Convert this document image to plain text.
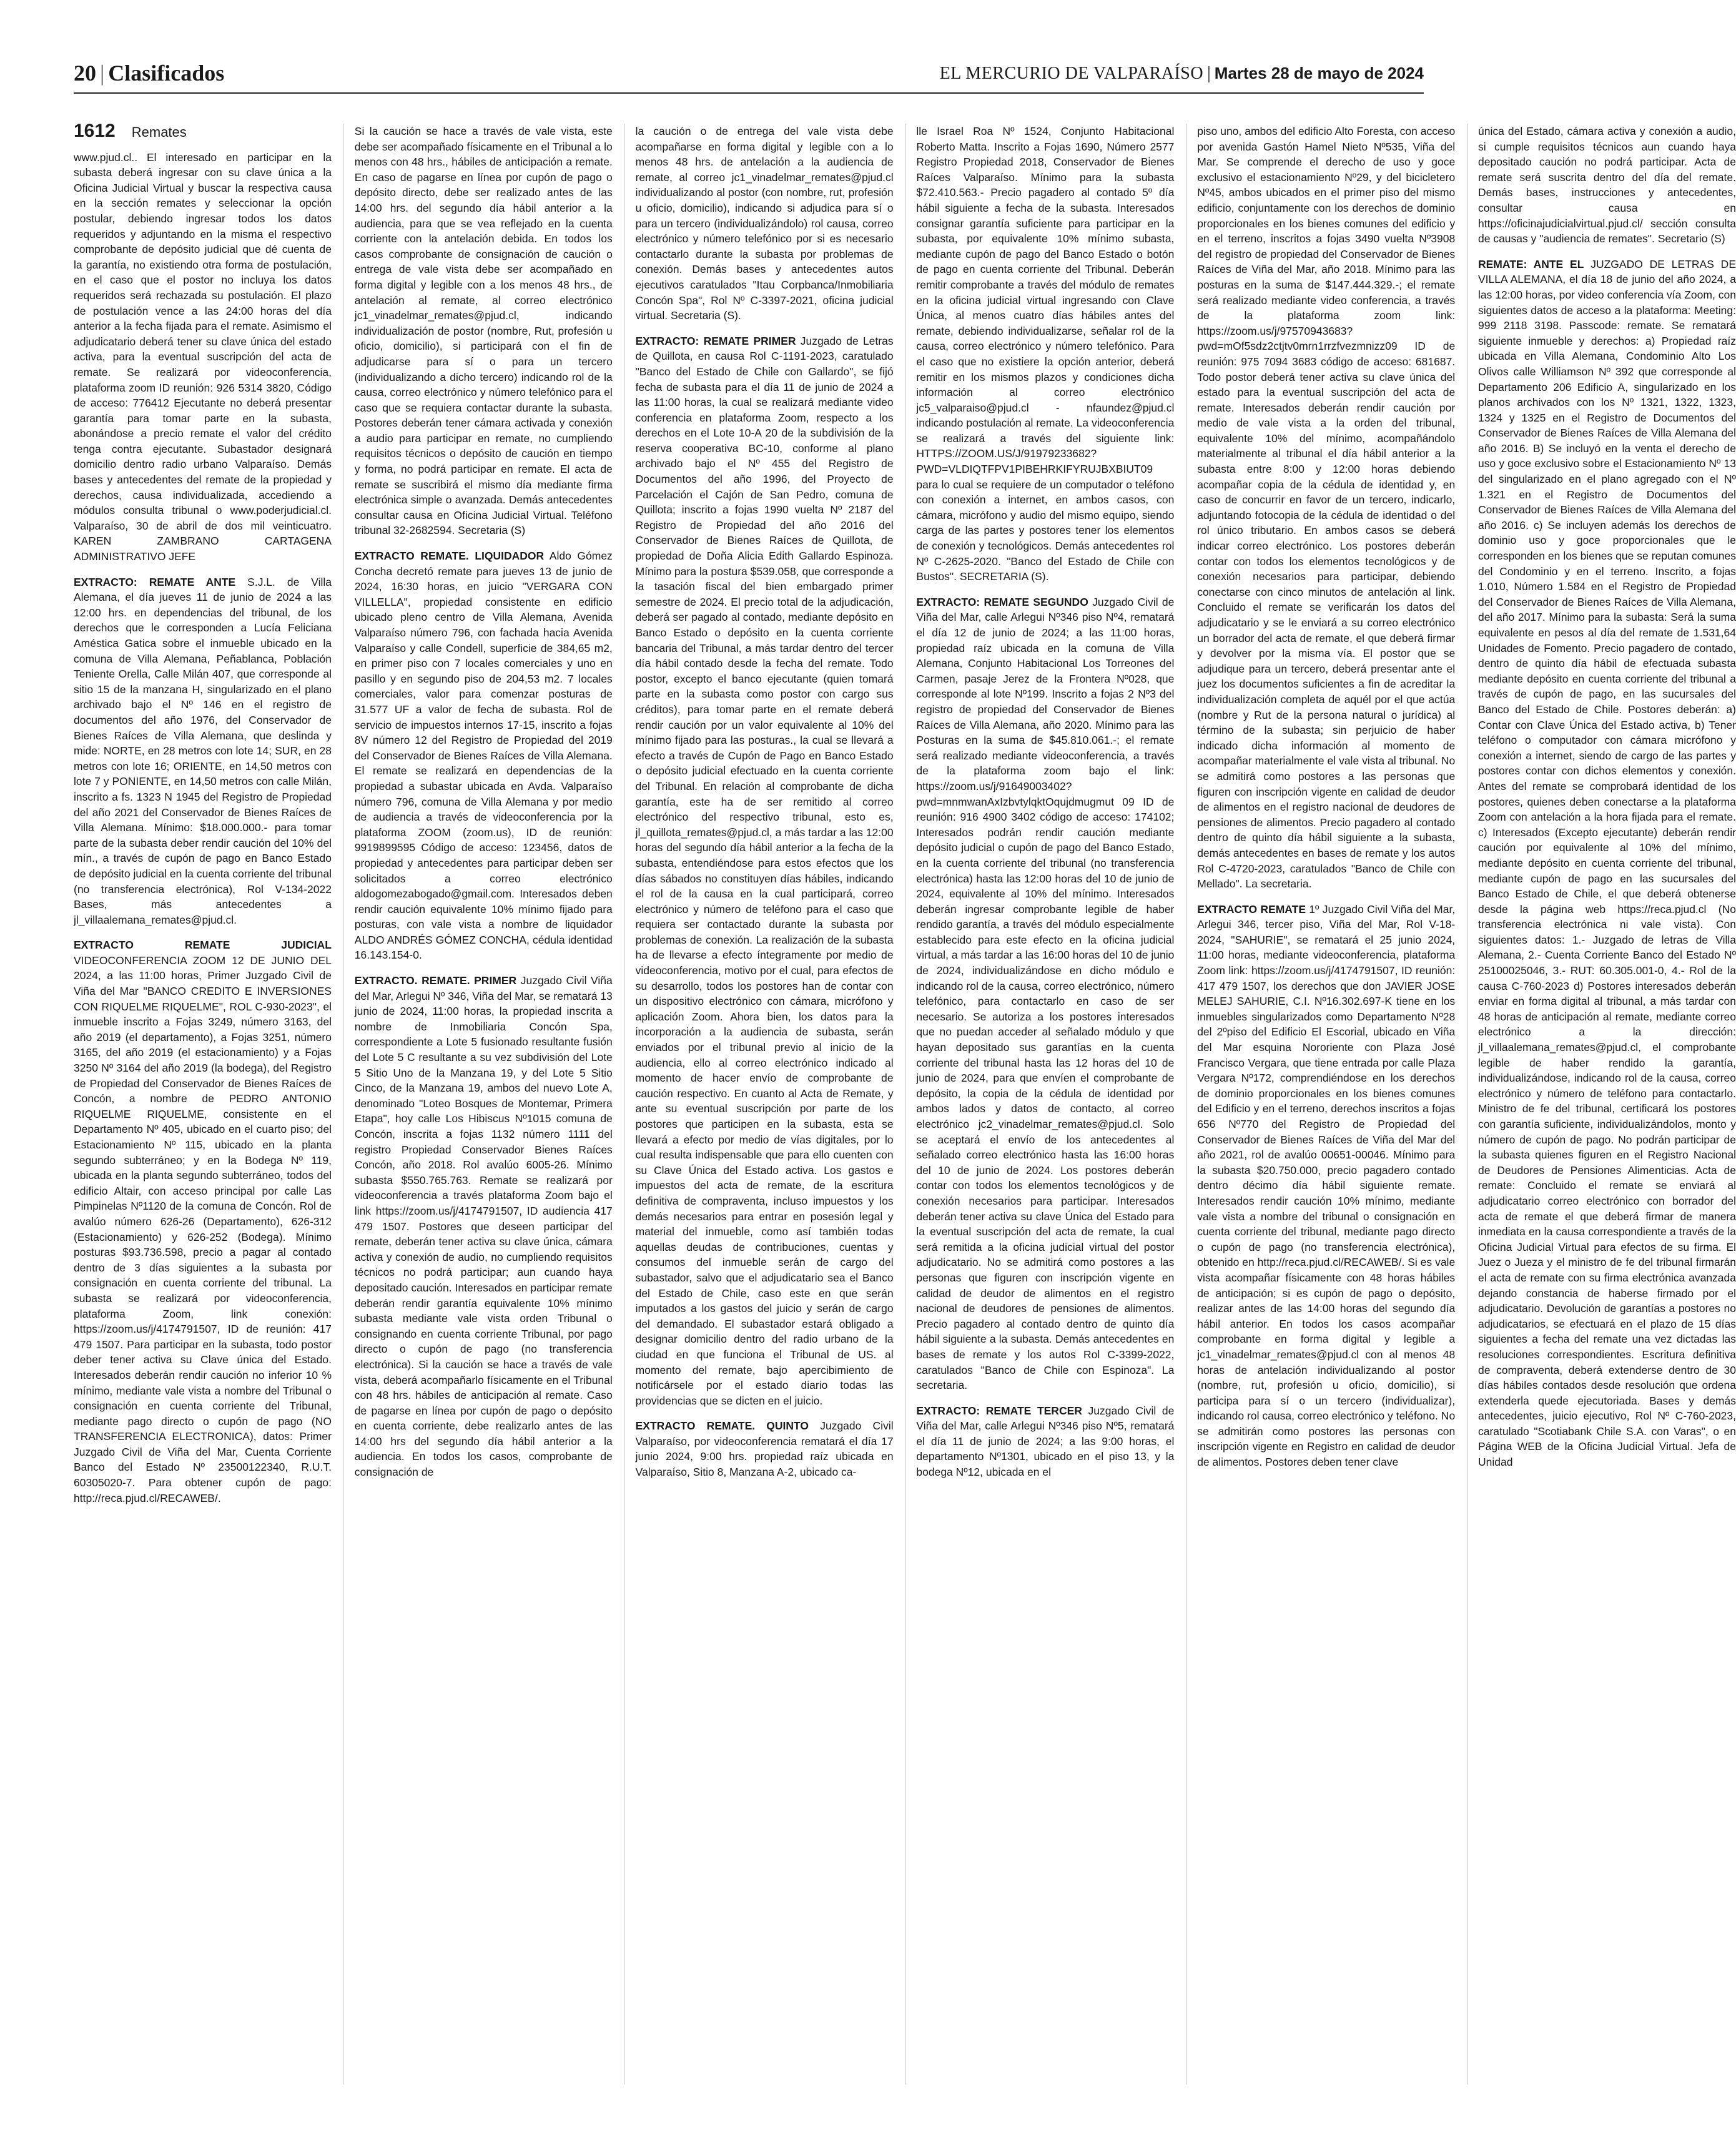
20 | Clasificados	EL MERCURIO DE VALPARAÍSO | Martes 28 de mayo de 2024
1612 Remates

www.pjud.cl.. El interesado en participar en la subasta deberá ingresar con su clave única a la Oficina Judicial Virtual y buscar la respectiva causa en la sección remates y seleccionar la opción postular, debiendo ingresar todos los datos requeridos y adjuntando en la misma el respectivo comprobante de depósito judicial que dé cuenta de la garantía, no existiendo otra forma de postulación, en el caso que el postor no incluya los datos requeridos será rechazada su postulación. El plazo de postulación vence a las 24:00 horas del día anterior a la fecha fijada para el remate. Asimismo el adjudicatario deberá tener su clave única del estado activa, para la eventual suscripción del acta de remate. Se realizará por videoconferencia, plataforma zoom ID reunión: 926 5314 3820, Código de acceso: 776412 Ejecutante no deberá presentar garantía para tomar parte en la subasta, abonándose a precio remate el valor del crédito tenga contra ejecutante. Subastador designará domicilio dentro radio urbano Valparaíso. Demás bases y antecedentes del remate de la propiedad y derechos, causa individualizada, accediendo a módulos consulta tribunal o www.poderjudicial.cl. Valparaíso, 30 de abril de dos mil veinticuatro. KAREN ZAMBRANO CARTAGENA ADMINISTRATIVO JEFE

EXTRACTO: REMATE ANTE S.J.L. de Villa Alemana, el día jueves 11 de junio de 2024 a las 12:00 hrs. en dependencias del tribunal, de los derechos que le corresponden a Lucía Feliciana Améstica Gatica sobre el inmueble ubicado en la comuna de Villa Alemana, Peñablanca, Población Teniente Orella, Calle Milán 407, que corresponde al sitio 15 de la manzana H, singularizado en el plano archivado bajo el Nº 146 en el registro de documentos del año 1976, del Conservador de Bienes Raíces de Villa Alemana, que deslinda y mide: NORTE, en 28 metros con lote 14; SUR, en 28 metros con lote 16; ORIENTE, en 14,50 metros con lote 7 y PONIENTE, en 14,50 metros con calle Milán, inscrito a fs. 1323 N 1945 del Registro de Propiedad del año 2021 del Conservador de Bienes Raíces de Villa Alemana. Mínimo: $18.000.000.- para tomar parte de la subasta deber rendir caución del 10% del mín., a través de cupón de pago en Banco Estado de depósito judicial en la cuenta corriente del tribunal (no transferencia electrónica), Rol V-134-2022 Bases, más antecedentes a jl_villaalemana_remates@pjud.cl.

EXTRACTO REMATE JUDICIAL VIDEOCONFERENCIA ZOOM 12 DE JUNIO DEL 2024, a las 11:00 horas, Primer Juzgado Civil de Viña del Mar "BANCO CREDITO E INVERSIONES CON RIQUELME RIQUELME", ROL C-930-2023", el inmueble inscrito a Fojas 3249, número 3163, del año 2019 (el departamento), a Fojas 3251, número 3165, del año 2019 (el estacionamiento) y a Fojas 3250 Nº 3164 del año 2019 (la bodega), del Registro de Propiedad del Conservador de Bienes Raíces de Concón, a nombre de PEDRO ANTONIO RIQUELME RIQUELME, consistente en el Departamento Nº 405, ubicado en el cuarto piso; del Estacionamiento Nº 115, ubicado en la planta segundo subterráneo; y en la Bodega Nº 119, ubicada en la planta segundo subterráneo, todos del edificio Altair, con acceso principal por calle Las Pimpinelas Nº1120 de la comuna de Concón. Rol de avalúo número 626-26 (Departamento), 626-312 (Estacionamiento) y 626-252 (Bodega). Mínimo posturas $93.736.598, precio a pagar al contado dentro de 3 días siguientes a la subasta por consignación en cuenta corriente del tribunal. La subasta se realizará por videoconferencia, plataforma Zoom, link conexión: https://zoom.us/j/4174791507, ID de reunión: 417 479 1507. Para participar en la subasta, todo postor deber tener activa su Clave única del Estado. Interesados deberán rendir caución no inferior 10 % mínimo, mediante vale vista a nombre del Tribunal o consignación en cuenta corriente del Tribunal, mediante pago directo o cupón de pago (NO TRANSFERENCIA ELECTRONICA), datos: Primer Juzgado Civil de Viña del Mar, Cuenta Corriente Banco del Estado Nº 23500122340, R.U.T. 60305020-7. Para obtener cupón de pago: http://reca.pjud.cl/RECAWEB/.

Si la caución se hace a través de vale vista, este debe ser acompañado físicamente en el Tribunal a lo menos con 48 hrs., hábiles de anticipación a remate. En caso de pagarse en línea por cupón de pago o depósito directo, debe ser realizado antes de las 14:00 hrs. del segundo día hábil anterior a la audiencia, para que se vea reflejado en la cuenta corriente con la antelación debida. En todos los casos comprobante de consignación de caución o entrega de vale vista debe ser acompañado en forma digital y legible con a los menos 48 hrs., de antelación al remate, al correo electrónico jc1_vinadelmar_remates@pjud.cl, indicando individualización de postor (nombre, Rut, profesión u oficio, domicilio), si participará con el fin de adjudicarse para sí o para un tercero (individualizando a dicho tercero) indicando rol de la causa, correo electrónico y número telefónico para el caso que se requiera contactar durante la subasta. Postores deberán tener cámara activada y conexión a audio para participar en remate, no cumpliendo requisitos técnicos o depósito de caución en tiempo y forma, no podrá participar en remate. El acta de remate se suscribirá el mismo día mediante firma electrónica simple o avanzada. Demás antecedentes consultar causa en Oficina Judicial Virtual. Teléfono tribunal 32-2682594. Secretaria (S)

EXTRACTO REMATE. LIQUIDADOR Aldo Gómez Concha decretó remate para jueves 13 de junio de 2024, 16:30 horas, en juicio "VERGARA CON VILLELLA", propiedad consistente en edificio ubicado pleno centro de Villa Alemana, Avenida Valparaíso número 796, con fachada hacia Avenida Valparaíso y calle Condell, superficie de 384,65 m2, en primer piso con 7 locales comerciales y uno en pasillo y en segundo piso de 204,53 m2. 7 locales comerciales, valor para comenzar posturas de 31.577 UF a valor de fecha de subasta. Rol de servicio de impuestos internos 17-15, inscrito a fojas 8V número 12 del Registro de Propiedad del 2019 del Conservador de Bienes Raíces de Villa Alemana. El remate se realizará en dependencias de la propiedad a subastar ubicada en Avda. Valparaíso número 796, comuna de Villa Alemana y por medio de audiencia a través de videoconferencia por la plataforma ZOOM (zoom.us), ID de reunión: 9919899595 Código de acceso: 123456, datos de propiedad y antecedentes para participar deben ser solicitados a correo electrónico aldogomezabogado@gmail.com. Interesados deben rendir caución equivalente 10% mínimo fijado para posturas, con vale vista a nombre de liquidador ALDO ANDRÉS GÓMEZ CONCHA, cédula identidad 16.143.154-0.

EXTRACTO. REMATE. PRIMER Juzgado Civil Viña del Mar, Arlegui Nº 346, Viña del Mar, se rematará 13 junio de 2024, 11:00 horas, la propiedad inscrita a nombre de Inmobiliaria Concón Spa, correspondiente a Lote 5 fusionado resultante fusión del Lote 5 C resultante a su vez subdivisión del Lote 5 Sitio Uno de la Manzana 19, y del Lote 5 Sitio Cinco, de la Manzana 19, ambos del nuevo Lote A, denominado "Loteo Bosques de Montemar, Primera Etapa", hoy calle Los Hibiscus Nº1015 comuna de Concón, inscrita a fojas 1132 número 1111 del registro Propiedad Conservador Bienes Raíces Concón, año 2018. Rol avalúo 6005-26. Mínimo subasta $550.765.763. Remate se realizará por videoconferencia a través plataforma Zoom bajo el link https://zoom.us/j/4174791507, ID audiencia 417 479 1507. Postores que deseen participar del remate, deberán tener activa su clave única, cámara activa y conexión de audio, no cumpliendo requisitos técnicos no podrá participar; aun cuando haya depositado caución. Interesados en participar remate deberán rendir garantía equivalente 10% mínimo subasta mediante vale vista orden Tribunal o consignando en cuenta corriente Tribunal, por pago directo o cupón de pago (no transferencia electrónica). Si la caución se hace a través de vale vista, deberá acompañarlo físicamente en el Tribunal con 48 hrs. hábiles de anticipación al remate. Caso de pagarse en línea por cupón de pago o depósito en cuenta corriente, debe realizarlo antes de las 14:00 hrs del segundo día hábil anterior a la audiencia. En todos los casos, comprobante de consignación de

la caución o de entrega del vale vista debe acompañarse en forma digital y legible con a lo menos 48 hrs. de antelación a la audiencia de remate, al correo jc1_vinadelmar_remates@pjud.cl individualizando al postor (con nombre, rut, profesión u oficio, domicilio), indicando si adjudica para sí o para un tercero (individualizándolo) rol causa, correo electrónico y número telefónico por si es necesario contactarlo durante la subasta por problemas de conexión. Demás bases y antecedentes autos ejecutivos caratulados "Itau Corpbanca/Inmobiliaria Concón Spa", Rol Nº C-3397-2021, oficina judicial virtual. Secretaria (S).

EXTRACTO: REMATE PRIMER Juzgado de Letras de Quillota, en causa Rol C-1191-2023, caratulado "Banco del Estado de Chile con Gallardo", se fijó fecha de subasta para el día 11 de junio de 2024 a las 11:00 horas, la cual se realizará mediante video conferencia en plataforma Zoom, respecto a los derechos en el Lote 10-A 20 de la subdivisión de la reserva cooperativa BC-10, conforme al plano archivado bajo el Nº 455 del Registro de Documentos del año 1996, del Proyecto de Parcelación el Cajón de San Pedro, comuna de Quillota; inscrito a fojas 1990 vuelta Nº 2187 del Registro de Propiedad del año 2016 del Conservador de Bienes Raíces de Quillota, de propiedad de Doña Alicia Edith Gallardo Espinoza. Mínimo para la postura $539.058, que corresponde a la tasación fiscal del bien embargado primer semestre de 2024. El precio total de la adjudicación, deberá ser pagado al contado, mediante depósito en Banco Estado o depósito en la cuenta corriente bancaria del Tribunal, a más tardar dentro del tercer día hábil contado desde la fecha del remate. Todo postor, excepto el banco ejecutante (quien tomará parte en la subasta como postor con cargo sus créditos), para tomar parte en el remate deberá rendir caución por un valor equivalente al 10% del mínimo fijado para las posturas., la cual se llevará a efecto a través de Cupón de Pago en Banco Estado o depósito judicial efectuado en la cuenta corriente del Tribunal. En relación al comprobante de dicha garantía, este ha de ser remitido al correo electrónico del respectivo tribunal, esto es, jl_quillota_remates@pjud.cl, a más tardar a las 12:00 horas del segundo día hábil anterior a la fecha de la subasta, entendiéndose para estos efectos que los días sábados no constituyen días hábiles, indicando el rol de la causa en la cual participará, correo electrónico y número de teléfono para el caso que requiera ser contactado durante la subasta por problemas de conexión. La realización de la subasta ha de llevarse a efecto íntegramente por medio de videoconferencia, motivo por el cual, para efectos de su desarrollo, todos los postores han de contar con un dispositivo electrónico con cámara, micrófono y aplicación Zoom. Ahora bien, los datos para la incorporación a la audiencia de subasta, serán enviados por el tribunal previo al inicio de la audiencia, ello al correo electrónico indicado al momento de hacer envío de comprobante de caución respectivo. En cuanto al Acta de Remate, y ante su eventual suscripción por parte de los postores que participen en la subasta, esta se llevará a efecto por medio de vías digitales, por lo cual resulta indispensable que para ello cuenten con su Clave Única del Estado activa. Los gastos e impuestos del acta de remate, de la escritura definitiva de compraventa, incluso impuestos y los demás necesarios para entrar en posesión legal y material del inmueble, como así también todas aquellas deudas de contribuciones, cuentas y consumos del inmueble serán de cargo del subastador, salvo que el adjudicatario sea el Banco del Estado de Chile, caso este en que serán imputados a los gastos del juicio y serán de cargo del demandado. El subastador estará obligado a designar domicilio dentro del radio urbano de la ciudad en que funciona el Tribunal de US. al momento del remate, bajo apercibimiento de notificársele por el estado diario todas las providencias que se dicten en el juicio.

EXTRACTO REMATE. QUINTO Juzgado Civil Valparaíso, por videoconferencia rematará el día 17 junio 2024, 9:00 hrs. propiedad raíz ubicada en Valparaíso, Sitio 8, Manzana A-2, ubicado ca-

lle Israel Roa Nº 1524, Conjunto Habitacional Roberto Matta. Inscrito a Fojas 1690, Número 2577 Registro Propiedad 2018, Conservador de Bienes Raíces Valparaíso. Mínimo para la subasta $72.410.563.- Precio pagadero al contado 5º día hábil siguiente a fecha de la subasta. Interesados consignar garantía suficiente para participar en la subasta, por equivalente 10% mínimo subasta, mediante cupón de pago del Banco Estado o botón de pago en cuenta corriente del Tribunal. Deberán remitir comprobante a través del módulo de remates en la oficina judicial virtual ingresando con Clave Única, al menos cuatro días hábiles antes del remate, debiendo individualizarse, señalar rol de la causa, correo electrónico y número telefónico. Para el caso que no existiere la opción anterior, deberá remitir en los mismos plazos y condiciones dicha información al correo electrónico jc5_valparaiso@pjud.cl - nfaundez@pjud.cl indicando postulación al remate. La videoconferencia se realizará a través del siguiente link: HTTPS://ZOOM.US/J/91979233682?PWD=VLDIQTFPV1PIBEHRKIFYRUJBXBIUT09 para lo cual se requiere de un computador o teléfono con conexión a internet, en ambos casos, con cámara, micrófono y audio del mismo equipo, siendo carga de las partes y postores tener los elementos de conexión y tecnológicos. Demás antecedentes rol Nº C-2625-2020. "Banco del Estado de Chile con Bustos". SECRETARIA (S).

EXTRACTO: REMATE SEGUNDO Juzgado Civil de Viña del Mar, calle Arlegui Nº346 piso Nº4, rematará el día 12 de junio de 2024; a las 11:00 horas, propiedad raíz ubicada en la comuna de Villa Alemana, Conjunto Habitacional Los Torreones del Carmen, pasaje Jerez de la Frontera Nº028, que corresponde al lote Nº199. Inscrito a fojas 2 Nº3 del registro de propiedad del Conservador de Bienes Raíces de Villa Alemana, año 2020. Mínimo para las Posturas en la suma de $45.810.061.-; el remate será realizado mediante videoconferencia, a través de la plataforma zoom bajo el link: https://zoom.us/j/91649003402?pwd=mnmwanAxIzbvtylqktOqujdmugmut 09 ID de reunión: 916 4900 3402 código de acceso: 174102; Interesados podrán rendir caución mediante depósito judicial o cupón de pago del Banco Estado, en la cuenta corriente del tribunal (no transferencia electrónica) hasta las 12:00 horas del 10 de junio de 2024, equivalente al 10% del mínimo. Interesados deberán ingresar comprobante legible de haber rendido garantía, a través del módulo especialmente establecido para este efecto en la oficina judicial virtual, a más tardar a las 16:00 horas del 10 de junio de 2024, individualizándose en dicho módulo e indicando rol de la causa, correo electrónico, número telefónico, para contactarlo en caso de ser necesario. Se autoriza a los postores interesados que no puedan acceder al señalado módulo y que hayan depositado sus garantías en la cuenta corriente del tribunal hasta las 12 horas del 10 de junio de 2024, para que envíen el comprobante de depósito, la copia de la cédula de identidad por ambos lados y datos de contacto, al correo electrónico jc2_vinadelmar_remates@pjud.cl. Solo se aceptará el envío de los antecedentes al señalado correo electrónico hasta las 16:00 horas del 10 de junio de 2024. Los postores deberán contar con todos los elementos tecnológicos y de conexión necesarios para participar. Interesados deberán tener activa su clave Única del Estado para la eventual suscripción del acta de remate, la cual será remitida a la oficina judicial virtual del postor adjudicatario. No se admitirá como postores a las personas que figuren con inscripción vigente en calidad de deudor de alimentos en el registro nacional de deudores de pensiones de alimentos. Precio pagadero al contado dentro de quinto día hábil siguiente a la subasta. Demás antecedentes en bases de remate y los autos Rol C-3399-2022, caratulados "Banco de Chile con Espinoza". La secretaria.

EXTRACTO: REMATE TERCER Juzgado Civil de Viña del Mar, calle Arlegui Nº346 piso Nº5, rematará el día 11 de junio de 2024; a las 9:00 horas, el departamento Nº1301, ubicado en el piso 13, y la bodega Nº12, ubicada en el

piso uno, ambos del edificio Alto Foresta, con acceso por avenida Gastón Hamel Nieto Nº535, Viña del Mar. Se comprende el derecho de uso y goce exclusivo el estacionamiento Nº29, y del bicicletero Nº45, ambos ubicados en el primer piso del mismo edificio, conjuntamente con los derechos de dominio proporcionales en los bienes comunes del edificio y en el terreno, inscritos a fojas 3490 vuelta Nº3908 del registro de propiedad del Conservador de Bienes Raíces de Viña del Mar, año 2018. Mínimo para las posturas en la suma de $147.444.329.-; el remate será realizado mediante video conferencia, a través de la plataforma zoom link: https://zoom.us/j/97570943683?pwd=mOf5sdz2ctjtv0mrn1rrzfvezmnizz09 ID de reunión: 975 7094 3683 código de acceso: 681687. Todo postor deberá tener activa su clave única del estado para la eventual suscripción del acta de remate. Interesados deberán rendir caución por medio de vale vista a la orden del tribunal, equivalente 10% del mínimo, acompañándolo materialmente al tribunal el día hábil anterior a la subasta entre 8:00 y 12:00 horas debiendo acompañar copia de la cédula de identidad y, en caso de concurrir en favor de un tercero, indicarlo, adjuntando fotocopia de la cédula de identidad o del rol único tributario. En ambos casos se deberá indicar correo electrónico. Los postores deberán contar con todos los elementos tecnológicos y de conexión necesarios para participar, debiendo conectarse con cinco minutos de antelación al link. Concluido el remate se verificarán los datos del adjudicatario y se le enviará a su correo electrónico un borrador del acta de remate, el que deberá firmar y devolver por la misma vía. El postor que se adjudique para un tercero, deberá presentar ante el juez los documentos suficientes a fin de acreditar la individualización completa de aquél por el que actúa (nombre y Rut de la persona natural o jurídica) al término de la subasta; sin perjuicio de haber indicado dicha información al momento de acompañar materialmente el vale vista al tribunal. No se admitirá como postores a las personas que figuren con inscripción vigente en calidad de deudor de alimentos en el registro nacional de deudores de pensiones de alimentos. Precio pagadero al contado dentro de quinto día hábil siguiente a la subasta, demás antecedentes en bases de remate y los autos Rol C-4720-2023, caratulados "Banco de Chile con Mellado". La secretaria.

EXTRACTO REMATE 1º Juzgado Civil Viña del Mar, Arlegui 346, tercer piso, Viña del Mar, Rol V-18-2024, "SAHURIE", se rematará el 25 junio 2024, 11:00 horas, mediante videoconferencia, plataforma Zoom link: https://zoom.us/j/4174791507, ID reunión: 417 479 1507, los derechos que don JAVIER JOSE MELEJ SAHURIE, C.I. Nº16.302.697-K tiene en los inmuebles singularizados como Departamento Nº28 del 2ºpiso del Edificio El Escorial, ubicado en Viña del Mar esquina Nororiente con Plaza José Francisco Vergara, que tiene entrada por calle Plaza Vergara Nº172, comprendiéndose en los derechos de dominio proporcionales en los bienes comunes del Edificio y en el terreno, derechos inscritos a fojas 656 Nº770 del Registro de Propiedad del Conservador de Bienes Raíces de Viña del Mar del año 2021, rol de avalúo 00651-00046. Mínimo para la subasta $20.750.000, precio pagadero contado dentro décimo día hábil siguiente remate. Interesados rendir caución 10% mínimo, mediante vale vista a nombre del tribunal o consignación en cuenta corriente del tribunal, mediante pago directo o cupón de pago (no transferencia electrónica), obtenido en http://reca.pjud.cl/RECAWEB/. Si es vale vista acompañar físicamente con 48 horas hábiles de anticipación; si es cupón de pago o depósito, realizar antes de las 14:00 horas del segundo día hábil anterior. En todos los casos acompañar comprobante en forma digital y legible a jc1_vinadelmar_remates@pjud.cl con al menos 48 horas de antelación individualizando al postor (nombre, rut, profesión u oficio, domicilio), si participa para sí o un tercero (individualizar), indicando rol causa, correo electrónico y teléfono. No se admitirán como postores las personas con inscripción vigente en Registro en calidad de deudor de alimentos. Postores deben tener clave

única del Estado, cámara activa y conexión a audio, si cumple requisitos técnicos aun cuando haya depositado caución no podrá participar. Acta de remate será suscrita dentro del día del remate. Demás bases, instrucciones y antecedentes, consultar causa en https://oficinajudicialvirtual.pjud.cl/ sección consulta de causas y "audiencia de remates". Secretario (S)

REMATE: ANTE EL JUZGADO DE LETRAS DE VILLA ALEMANA, el día 18 de junio del año 2024, a las 12:00 horas, por video conferencia vía Zoom, con siguientes datos de acceso a la plataforma: Meeting: 999 2118 3198. Passcode: remate. Se rematará siguiente inmueble y derechos: a) Propiedad raíz ubicada en Villa Alemana, Condominio Alto Los Olivos calle Williamson Nº 392 que corresponde al Departamento 206 Edificio A, singularizado en los planos archivados con los Nº 1321, 1322, 1323, 1324 y 1325 en el Registro de Documentos del Conservador de Bienes Raíces de Villa Alemana del año 2016. B) Se incluyó en la venta el derecho de uso y goce exclusivo sobre el Estacionamiento Nº 13 del singularizado en el plano agregado con el Nº 1.321 en el Registro de Documentos del Conservador de Bienes Raíces de Villa Alemana del año 2016. c) Se incluyen además los derechos de dominio uso y goce proporcionales que le corresponden en los bienes que se reputan comunes del Condominio y en el terreno. Inscrito, a fojas 1.010, Número 1.584 en el Registro de Propiedad del Conservador de Bienes Raíces de Villa Alemana, del año 2017. Mínimo para la subasta: Será la suma equivalente en pesos al día del remate de 1.531,64 Unidades de Fomento. Precio pagadero de contado, dentro de quinto día hábil de efectuada subasta mediante depósito en cuenta corriente del tribunal a través de cupón de pago, en las sucursales del Banco del Estado de Chile. Postores deberán: a) Contar con Clave Única del Estado activa, b) Tener teléfono o computador con cámara micrófono y conexión a internet, siendo de cargo de las partes y postores contar con dichos elementos y conexión. Antes del remate se comprobará identidad de los postores, quienes deben conectarse a la plataforma Zoom con antelación a la hora fijada para el remate. c) Interesados (Excepto ejecutante) deberán rendir caución por equivalente al 10% del mínimo, mediante depósito en cuenta corriente del tribunal, mediante cupón de pago en las sucursales del Banco Estado de Chile, el que deberá obtenerse desde la página web https://reca.pjud.cl (No transferencia electrónica ni vale vista). Con siguientes datos: 1.- Juzgado de letras de Villa Alemana, 2.- Cuenta Corriente Banco del Estado Nº 25100025046, 3.- RUT: 60.305.001-0, 4.- Rol de la causa C-760-2023 d) Postores interesados deberán enviar en forma digital al tribunal, a más tardar con 48 horas de anticipación al remate, mediante correo electrónico a la dirección: jl_villaalemana_remates@pjud.cl, el comprobante legible de haber rendido la garantía, individualizándose, indicando rol de la causa, correo electrónico y número de teléfono para contactarlo. Ministro de fe del tribunal, certificará los postores con garantía suficiente, individualizándolos, monto y número de cupón de pago. No podrán participar de la subasta quienes figuren en el Registro Nacional de Deudores de Pensiones Alimenticias. Acta de remate: Concluido el remate se enviará al adjudicatario correo electrónico con borrador del acta de remate el que deberá firmar de manera inmediata en la causa correspondiente a través de la Oficina Judicial Virtual para efectos de su firma. El Juez o Jueza y el ministro de fe del tribunal firmarán el acta de remate con su firma electrónica avanzada dejando constancia de haberse firmado por el adjudicatario. Devolución de garantías a postores no adjudicatarios, se efectuará en el plazo de 15 días siguientes a fecha del remate una vez dictadas las resoluciones correspondientes. Escritura definitiva de compraventa, deberá extenderse dentro de 30 días hábiles contados desde resolución que ordena extenderla quede ejecutoriada. Bases y demás antecedentes, juicio ejecutivo, Rol Nº C-760-2023, caratulado "Scotiabank Chile S.A. con Varas", o en Página WEB de la Oficina Judicial Virtual. Jefa de Unidad
